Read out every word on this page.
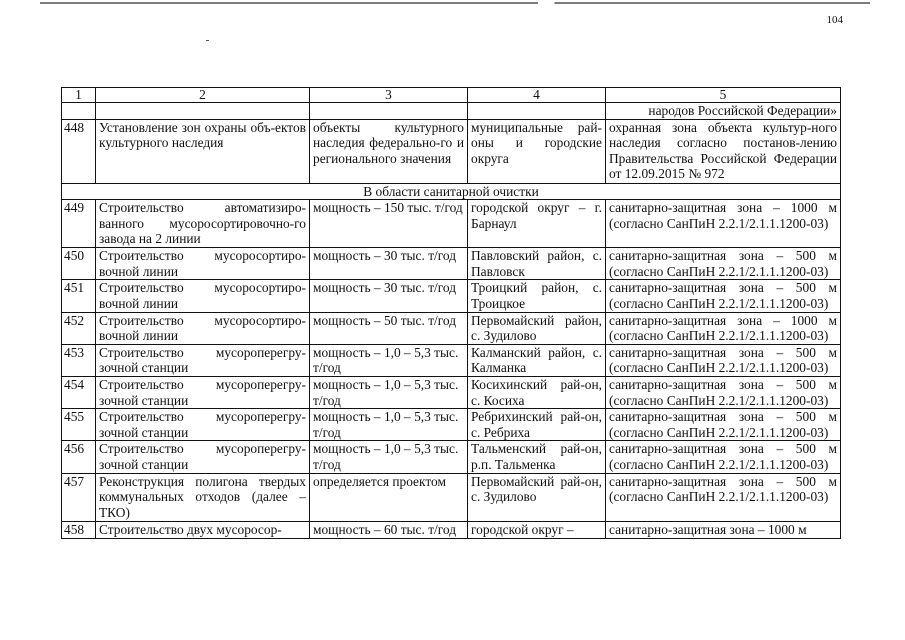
104
1	2	3	4	5
				народов Российской Федерации»
448	Установление зон охраны объ-ектов культурного наследия	объекты культурного наследия федерально-го и регионального значения	муниципальные рай-оны и городские округа	охранная зона объекта культур-ного наследия согласно постанов-лению Правительства Российской Федерации от 12.09.2015 № 972
В области санитарной очистки				
449	Строительство автоматизиро-ванного мусоросортировочно-го завода на 2 линии	мощность – 150 тыс. т/год	городской округ – г. Барнаул	санитарно-защитная зона – 1000 м (согласно СанПиН 2.2.1/2.1.1.1200-03)
450	Строительство мусоросортиро-вочной линии	мощность – 30 тыс. т/год	Павловский район, с. Павловск	санитарно-защитная зона – 500 м (согласно СанПиН 2.2.1/2.1.1.1200-03)
451	Строительство мусоросортиро-вочной линии	мощность – 30 тыс. т/год	Троицкий район, с. Троицкое	санитарно-защитная зона – 500 м (согласно СанПиН 2.2.1/2.1.1.1200-03)
452	Строительство мусоросортиро-вочной линии	мощность – 50 тыс. т/год	Первомайский район, с. Зудилово	санитарно-защитная зона – 1000 м (согласно СанПиН 2.2.1/2.1.1.1200-03)
453	Строительство мусороперегру-зочной станции	мощность – 1,0 – 5,3 тыс. т/год	Калманский район, с. Калманка	санитарно-защитная зона – 500 м (согласно СанПиН 2.2.1/2.1.1.1200-03)
454	Строительство мусороперегру-зочной станции	мощность – 1,0 – 5,3 тыс. т/год	Косихинский рай-он, с. Косиха	санитарно-защитная зона – 500 м (согласно СанПиН 2.2.1/2.1.1.1200-03)
455	Строительство мусороперегру-зочной станции	мощность – 1,0 – 5,3 тыс. т/год	Ребрихинский рай-он, с. Ребриха	санитарно-защитная зона – 500 м (согласно СанПиН 2.2.1/2.1.1.1200-03)
456	Строительство мусороперегру-зочной станции	мощность – 1,0 – 5,3 тыс. т/год	Тальменский рай-он, р.п. Тальменка	санитарно-защитная зона – 500 м (согласно СанПиН 2.2.1/2.1.1.1200-03)
457	Реконструкция полигона твердых коммунальных отходов (далее – ТКО)	определяется проектом	Первомайский рай-он, с. Зудилово	санитарно-защитная зона – 500 м (согласно СанПиН 2.2.1/2.1.1.1200-03)
458	Строительство двух мусоросор-	мощность – 60 тыс. т/год	городской округ –	санитарно-защитная зона – 1000 м
